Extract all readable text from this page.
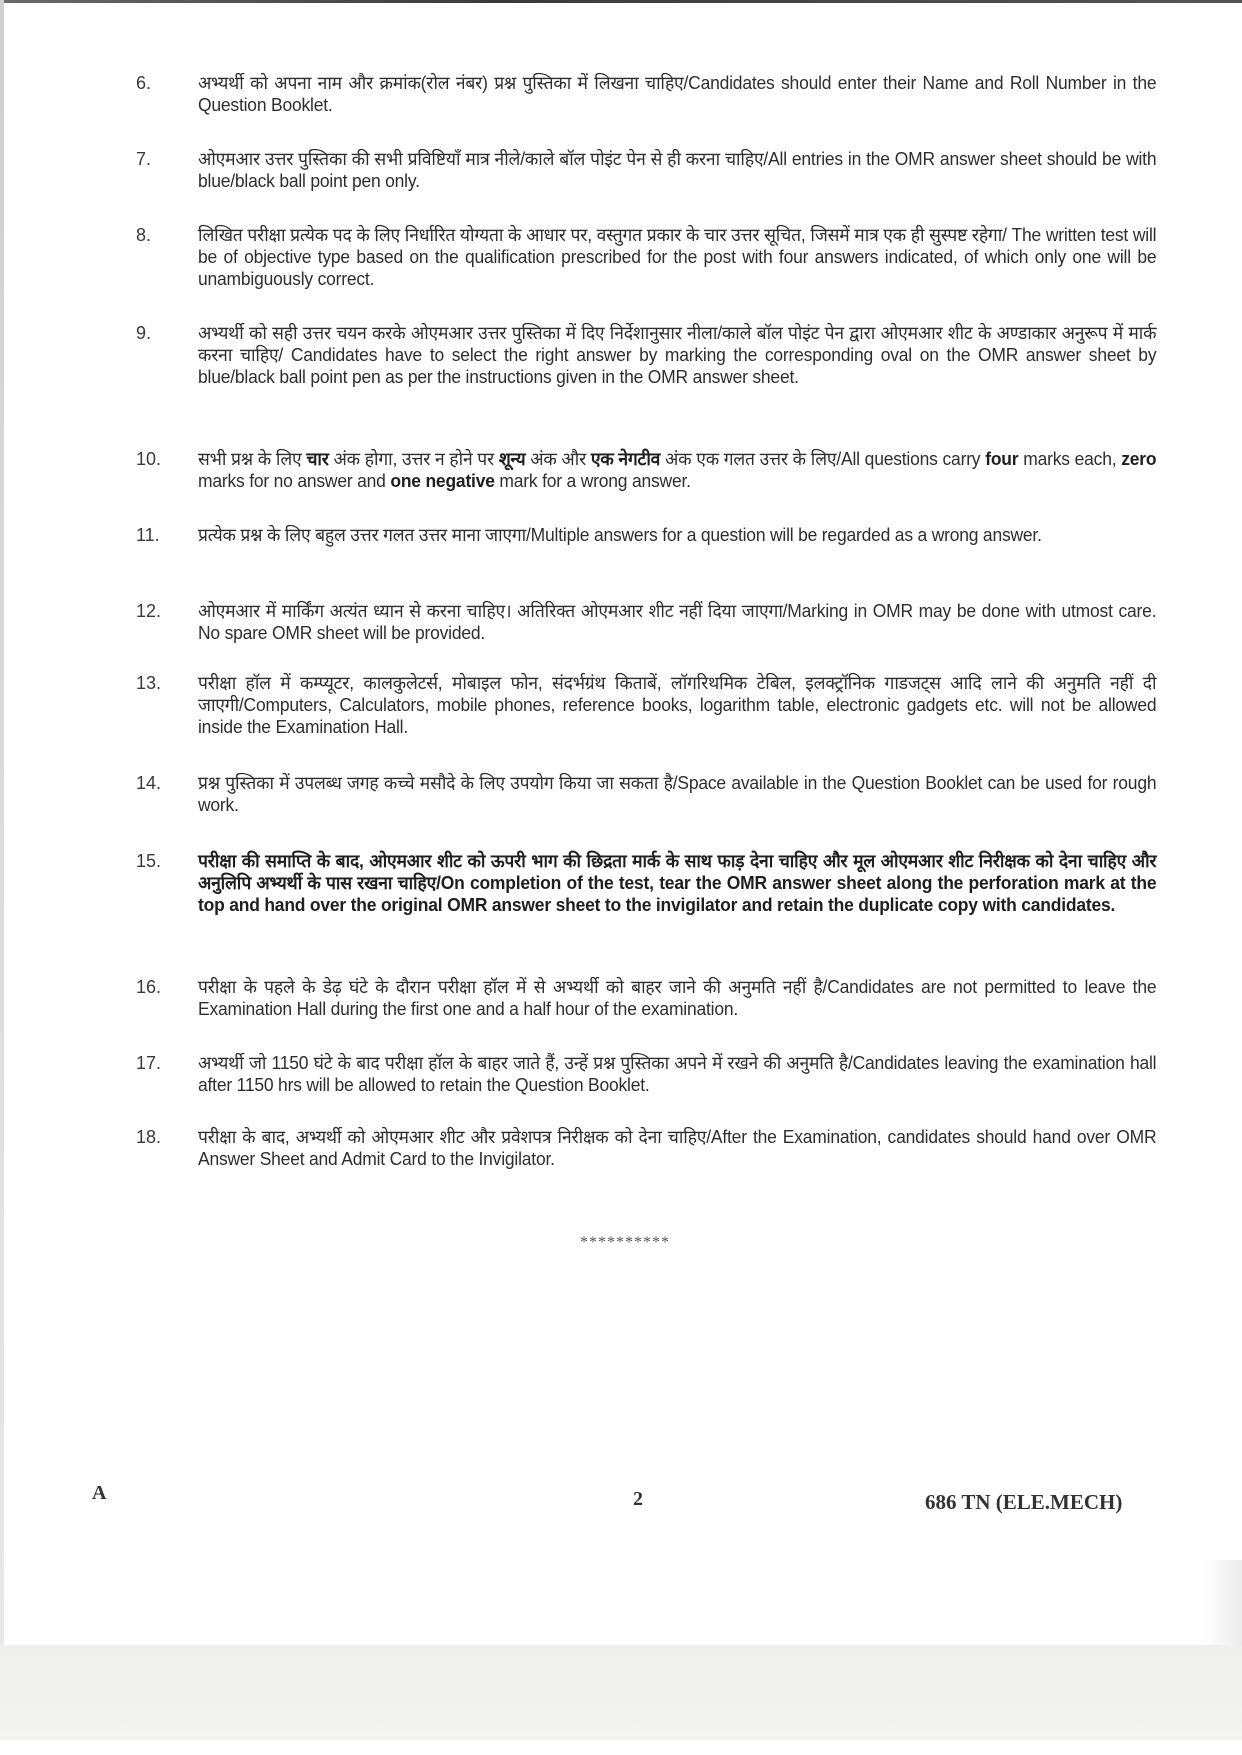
6.	अभ्यर्थी को अपना नाम और क्रमांक(रोल नंबर) प्रश्न पुस्तिका में लिखना चाहिए/Candidates should enter their Name and Roll Number in the Question Booklet.
7.	ओएमआर उत्तर पुस्तिका की सभी प्रविष्टियाँ मात्र नीले/काले बॉल पोइंट पेन से ही करना चाहिए/All entries in the OMR answer sheet should be with blue/black ball point pen only.
8.	लिखित परीक्षा प्रत्येक पद के लिए निर्धारित योग्यता के आधार पर, वस्तुगत प्रकार के चार उत्तर सूचित, जिसमें मात्र एक ही सुस्पष्ट रहेगा/ The written test will be of objective type based on the qualification prescribed for the post with four answers indicated, of which only one will be unambiguously correct.
9.	अभ्यर्थी को सही उत्तर चयन करके ओएमआर उत्तर पुस्तिका में दिए निर्देशानुसार नीला/काले बॉल पोइंट पेन द्वारा ओएमआर शीट के अण्डाकार अनुरूप में मार्क करना चाहिए/ Candidates have to select the right answer by marking the corresponding oval on the OMR answer sheet by blue/black ball point pen as per the instructions given in the OMR answer sheet.
10.	सभी प्रश्न के लिए चार अंक होगा, उत्तर न होने पर शून्य अंक और एक नेगटीव अंक एक गलत उत्तर के लिए/All questions carry four marks each, zero marks for no answer and one negative mark for a wrong answer.
11.	प्रत्येक प्रश्न के लिए बहुल उत्तर गलत उत्तर माना जाएगा/Multiple answers for a question will be regarded as a wrong answer.
12.	ओएमआर में मार्किंग अत्यंत ध्यान से करना चाहिए। अतिरिक्त ओएमआर शीट नहीं दिया जाएगा/Marking in OMR may be done with utmost care. No spare OMR sheet will be provided.
13.	परीक्षा हॉल में कम्प्यूटर, कालकुलेटर्स, मोबाइल फोन, संदर्भग्रंथ किताबें, लॉगरिथमिक टेबिल, इलक्ट्रॉनिक गाडजट्स आदि लाने की अनुमति नहीं दी जाएगी/Computers, Calculators, mobile phones, reference books, logarithm table, electronic gadgets etc. will not be allowed inside the Examination Hall.
14.	प्रश्न पुस्तिका में उपलब्ध जगह कच्चे मसौदे के लिए उपयोग किया जा सकता है/Space available in the Question Booklet can be used for rough work.
15.	परीक्षा की समाप्ति के बाद, ओएमआर शीट को ऊपरी भाग की छिद्रता मार्क के साथ फाड़ देना चाहिए और मूल ओएमआर शीट निरीक्षक को देना चाहिए और अनुलिपि अभ्यर्थी के पास रखना चाहिए/On completion of the test, tear the OMR answer sheet along the perforation mark at the top and hand over the original OMR answer sheet to the invigilator and retain the duplicate copy with candidates.
16.	परीक्षा के पहले के डेढ़ घंटे के दौरान परीक्षा हॉल में से अभ्यर्थी को बाहर जाने की अनुमति नहीं है/Candidates are not permitted to leave the Examination Hall during the first one and a half hour of the examination.
17.	अभ्यर्थी जो 1150 घंटे के बाद परीक्षा हॉल के बाहर जाते हैं, उन्हें प्रश्न पुस्तिका अपने में रखने की अनुमति है/Candidates leaving the examination hall after 1150 hrs will be allowed to retain the Question Booklet.
18.	परीक्षा के बाद, अभ्यर्थी को ओएमआर शीट और प्रवेशपत्र निरीक्षक को देना चाहिए/After the Examination, candidates should hand over OMR Answer Sheet and Admit Card to the Invigilator.
**********
A	2	686 TN (ELE.MECH)
